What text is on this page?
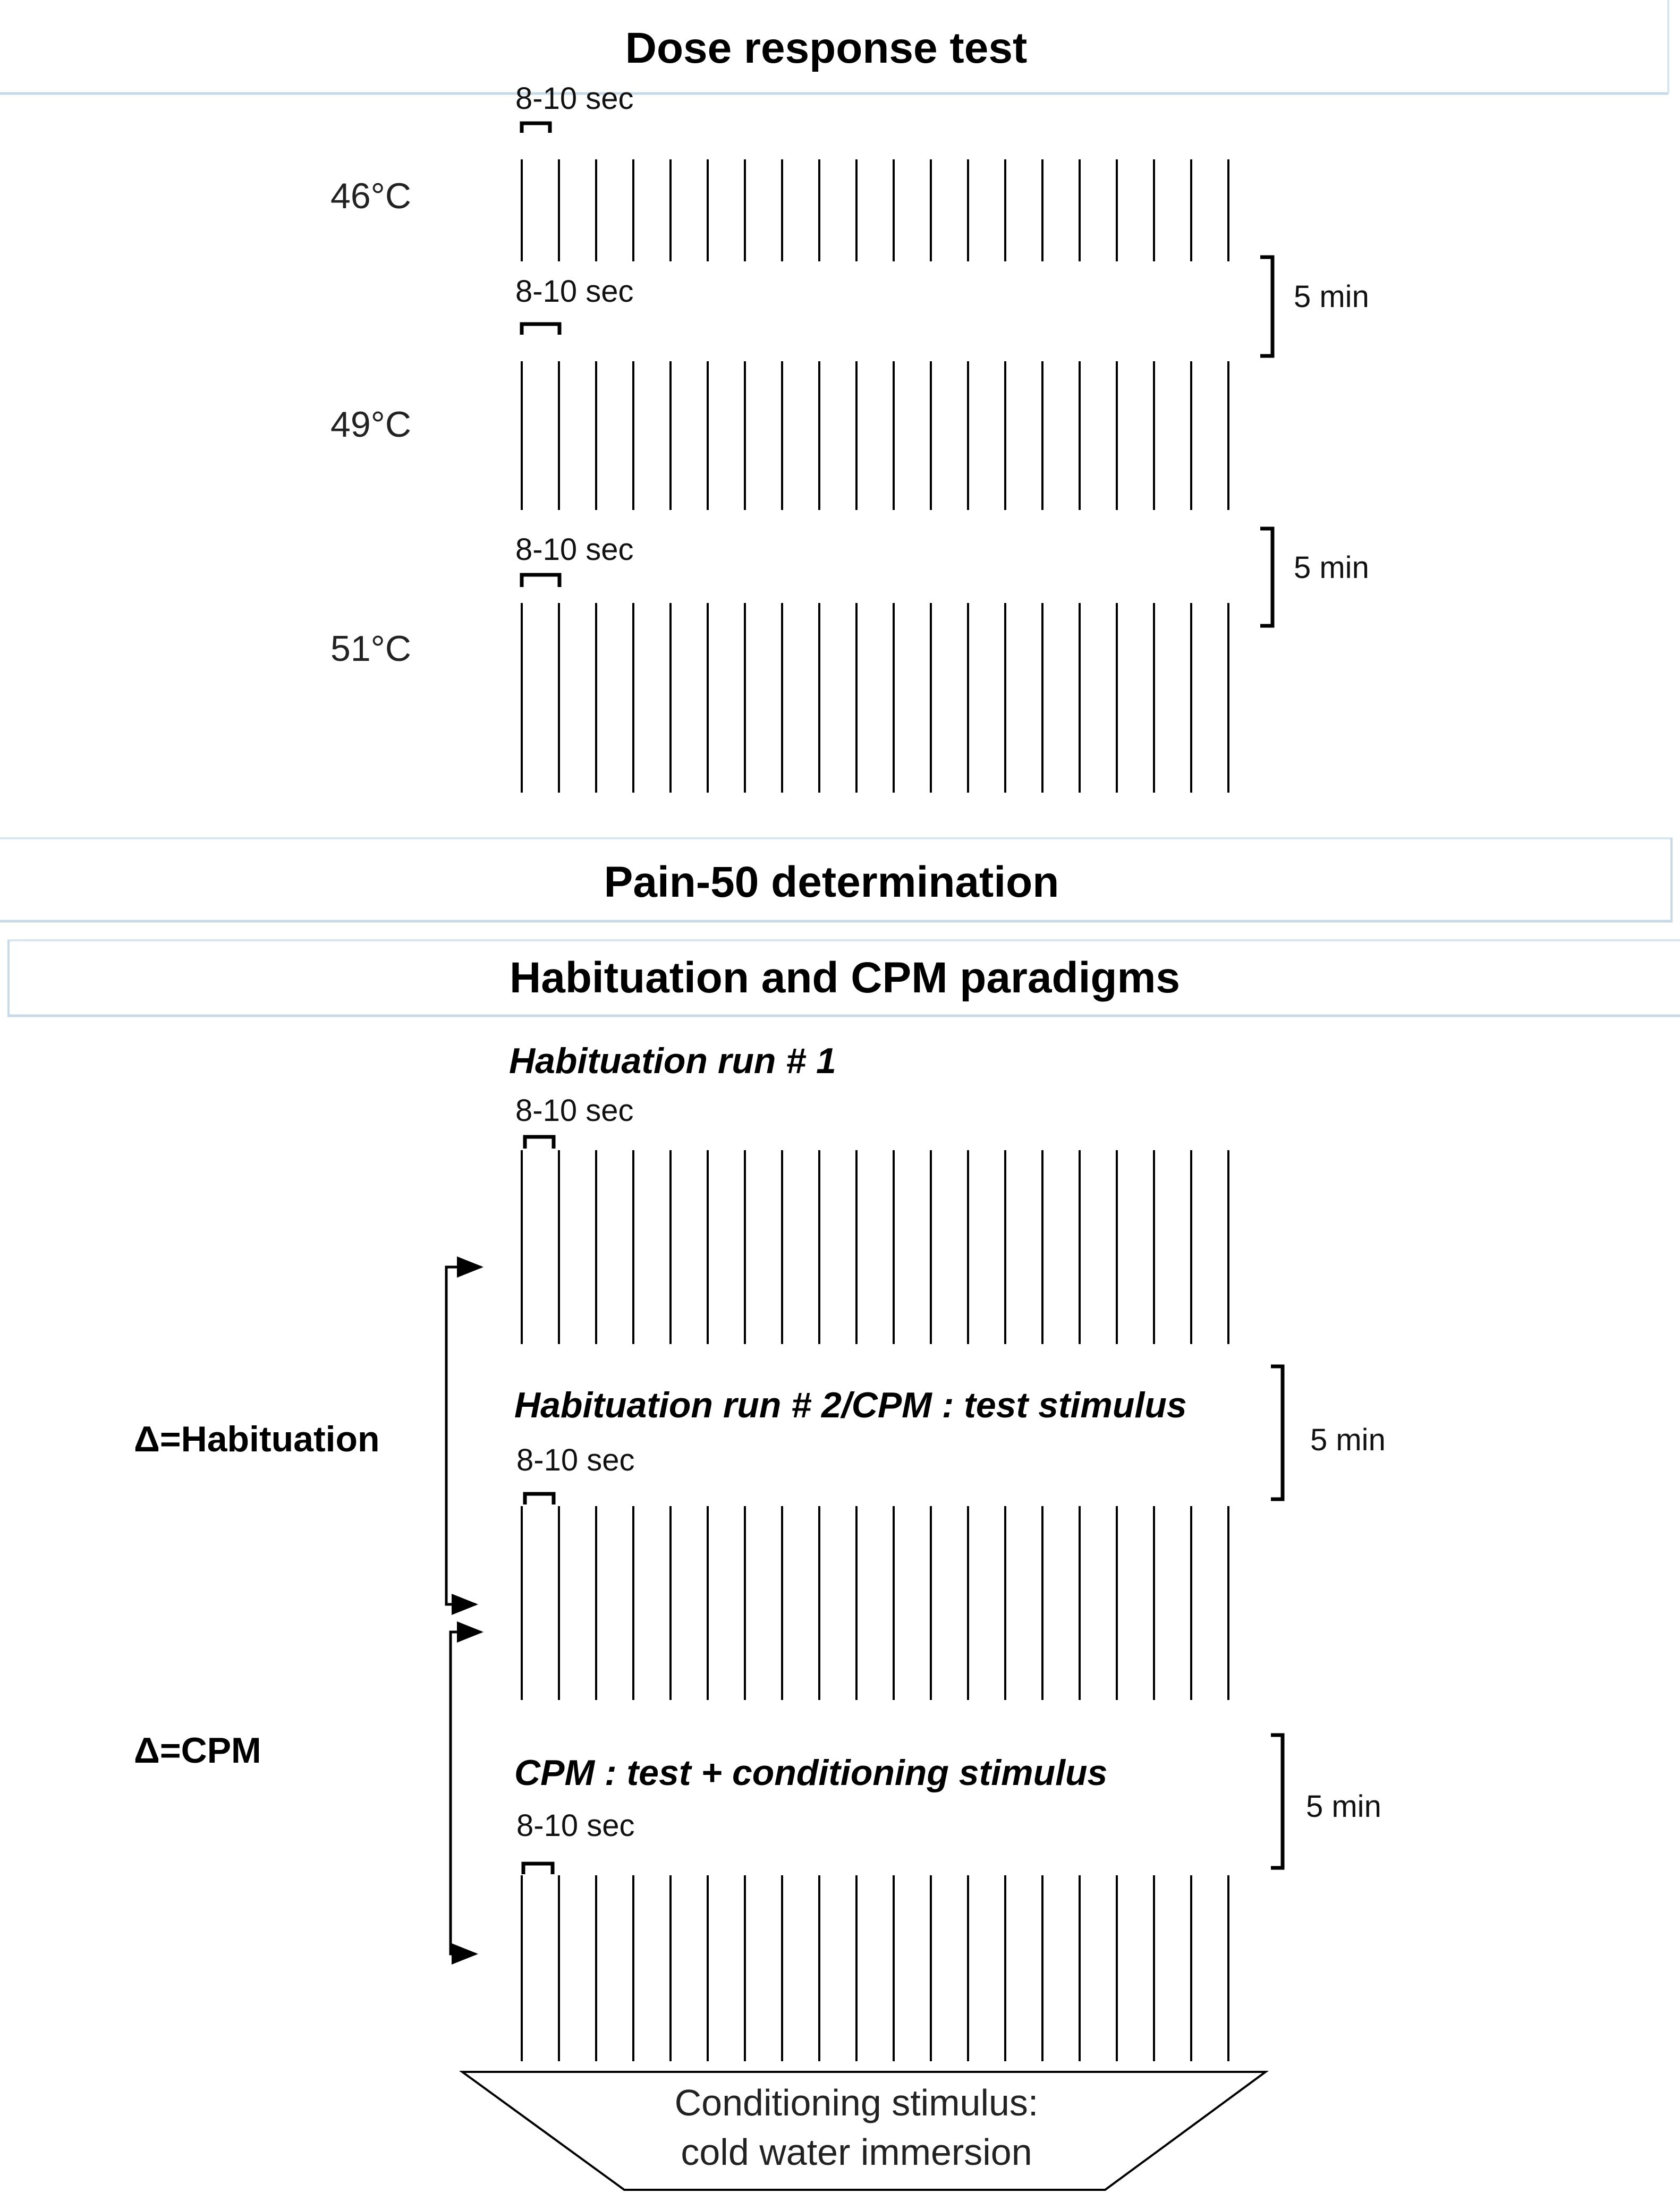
Dose response test
Pain-50 determination
Habituation and CPM paradigms
8-10 sec
46°C
5 min
8-10 sec
49°C
5 min
8-10 sec
51°C
Habituation run # 1
8-10 sec
5 min
Habituation run # 2/CPM : test stimulus
8-10 sec
5 min
CPM : test + conditioning stimulus
8-10 sec
Δ=Habituation
Δ=CPM
Conditioning stimulus:
cold water immersion
